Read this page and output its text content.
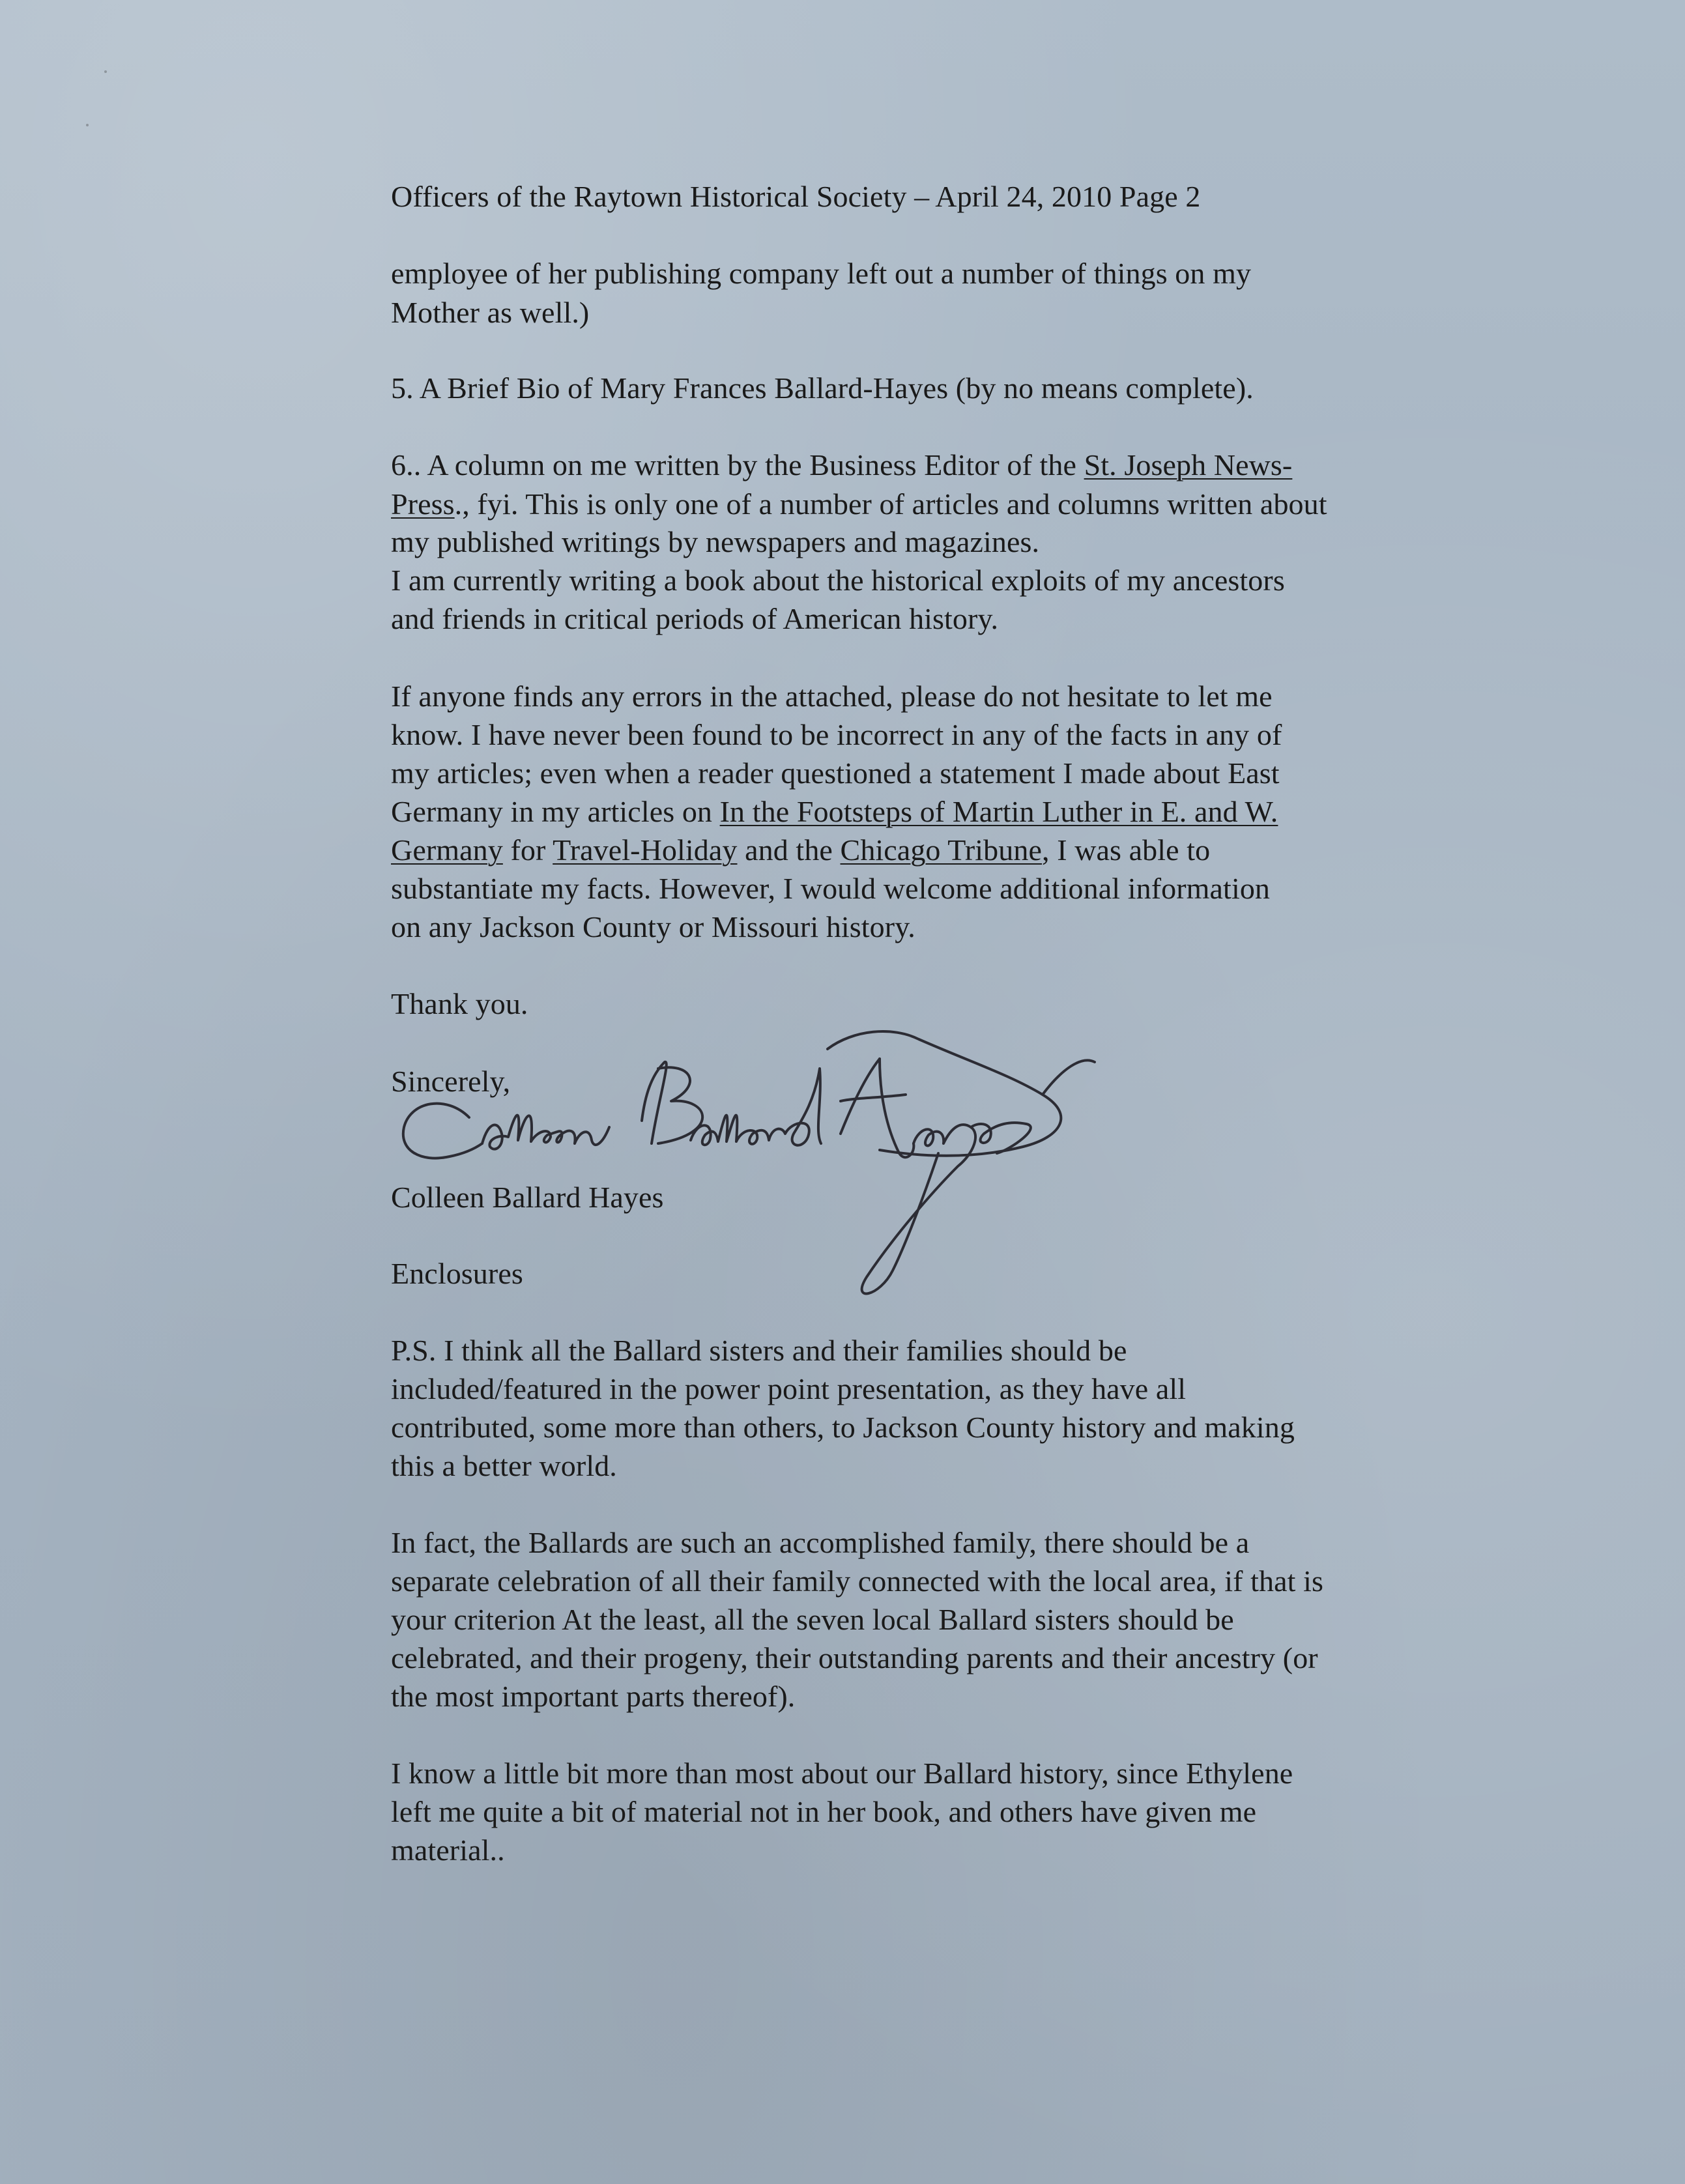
Officers of the Raytown Historical Society – April 24, 2010 Page 2
employee of her publishing company left out a number of things on my
Mother as well.)
5. A Brief Bio of Mary Frances Ballard-Hayes (by no means complete).
6.. A column on me written by the Business Editor of the St. Joseph News-
Press., fyi. This is only one of a number of articles and columns written about
my published writings by newspapers and magazines.
I am currently writing a book about the historical exploits of my ancestors
and friends in critical periods of American history.
If anyone finds any errors in the attached, please do not hesitate to let me
know. I have never been found to be incorrect in any of the facts in any of
my articles; even when a reader questioned a statement I made about East
Germany in my articles on In the Footsteps of Martin Luther in E. and W.
Germany for Travel-Holiday and the Chicago Tribune, I was able to
substantiate my facts. However, I would welcome additional information
on any Jackson County or Missouri history.
Thank you.
Sincerely,
Colleen Ballard Hayes
Enclosures
P.S. I think all the Ballard sisters and their families should be
included/featured in the power point presentation, as they have all
contributed, some more than others, to Jackson County history and making
this a better world.
In fact, the Ballards are such an accomplished family, there should be a
separate celebration of all their family connected with the local area, if that is
your criterion At the least, all the seven local Ballard sisters should be
celebrated, and their progeny, their outstanding parents and their ancestry (or
the most important parts thereof).
I know a little bit more than most about our Ballard history, since Ethylene
left me quite a bit of material not in her book, and others have given me
material..
